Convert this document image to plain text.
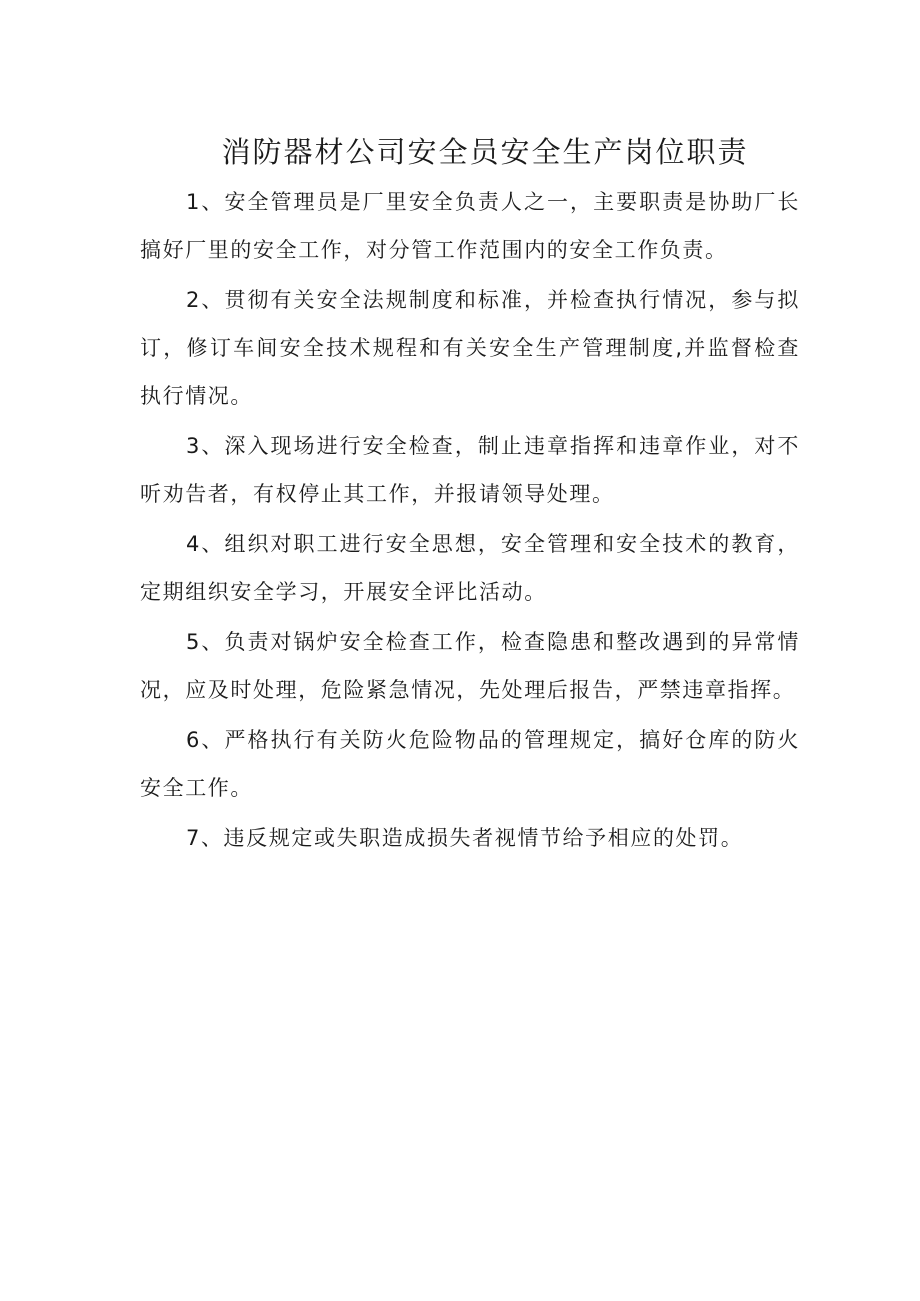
消防器材公司安全员安全生产岗位职责

1、安全管理员是厂里安全负责人之一，主要职责是协助厂长搞好厂里的安全工作，对分管工作范围内的安全工作负责。

2、贯彻有关安全法规制度和标准，并检查执行情况，参与拟订，修订车间安全技术规程和有关安全生产管理制度,并监督检查执行情况。

3、深入现场进行安全检查，制止违章指挥和违章作业，对不听劝告者，有权停止其工作，并报请领导处理。

4、组织对职工进行安全思想，安全管理和安全技术的教育，定期组织安全学习，开展安全评比活动。

5、负责对锅炉安全检查工作，检查隐患和整改遇到的异常情况，应及时处理，危险紧急情况，先处理后报告，严禁违章指挥。

6、严格执行有关防火危险物品的管理规定，搞好仓库的防火安全工作。

7、违反规定或失职造成损失者视情节给予相应的处罚。
